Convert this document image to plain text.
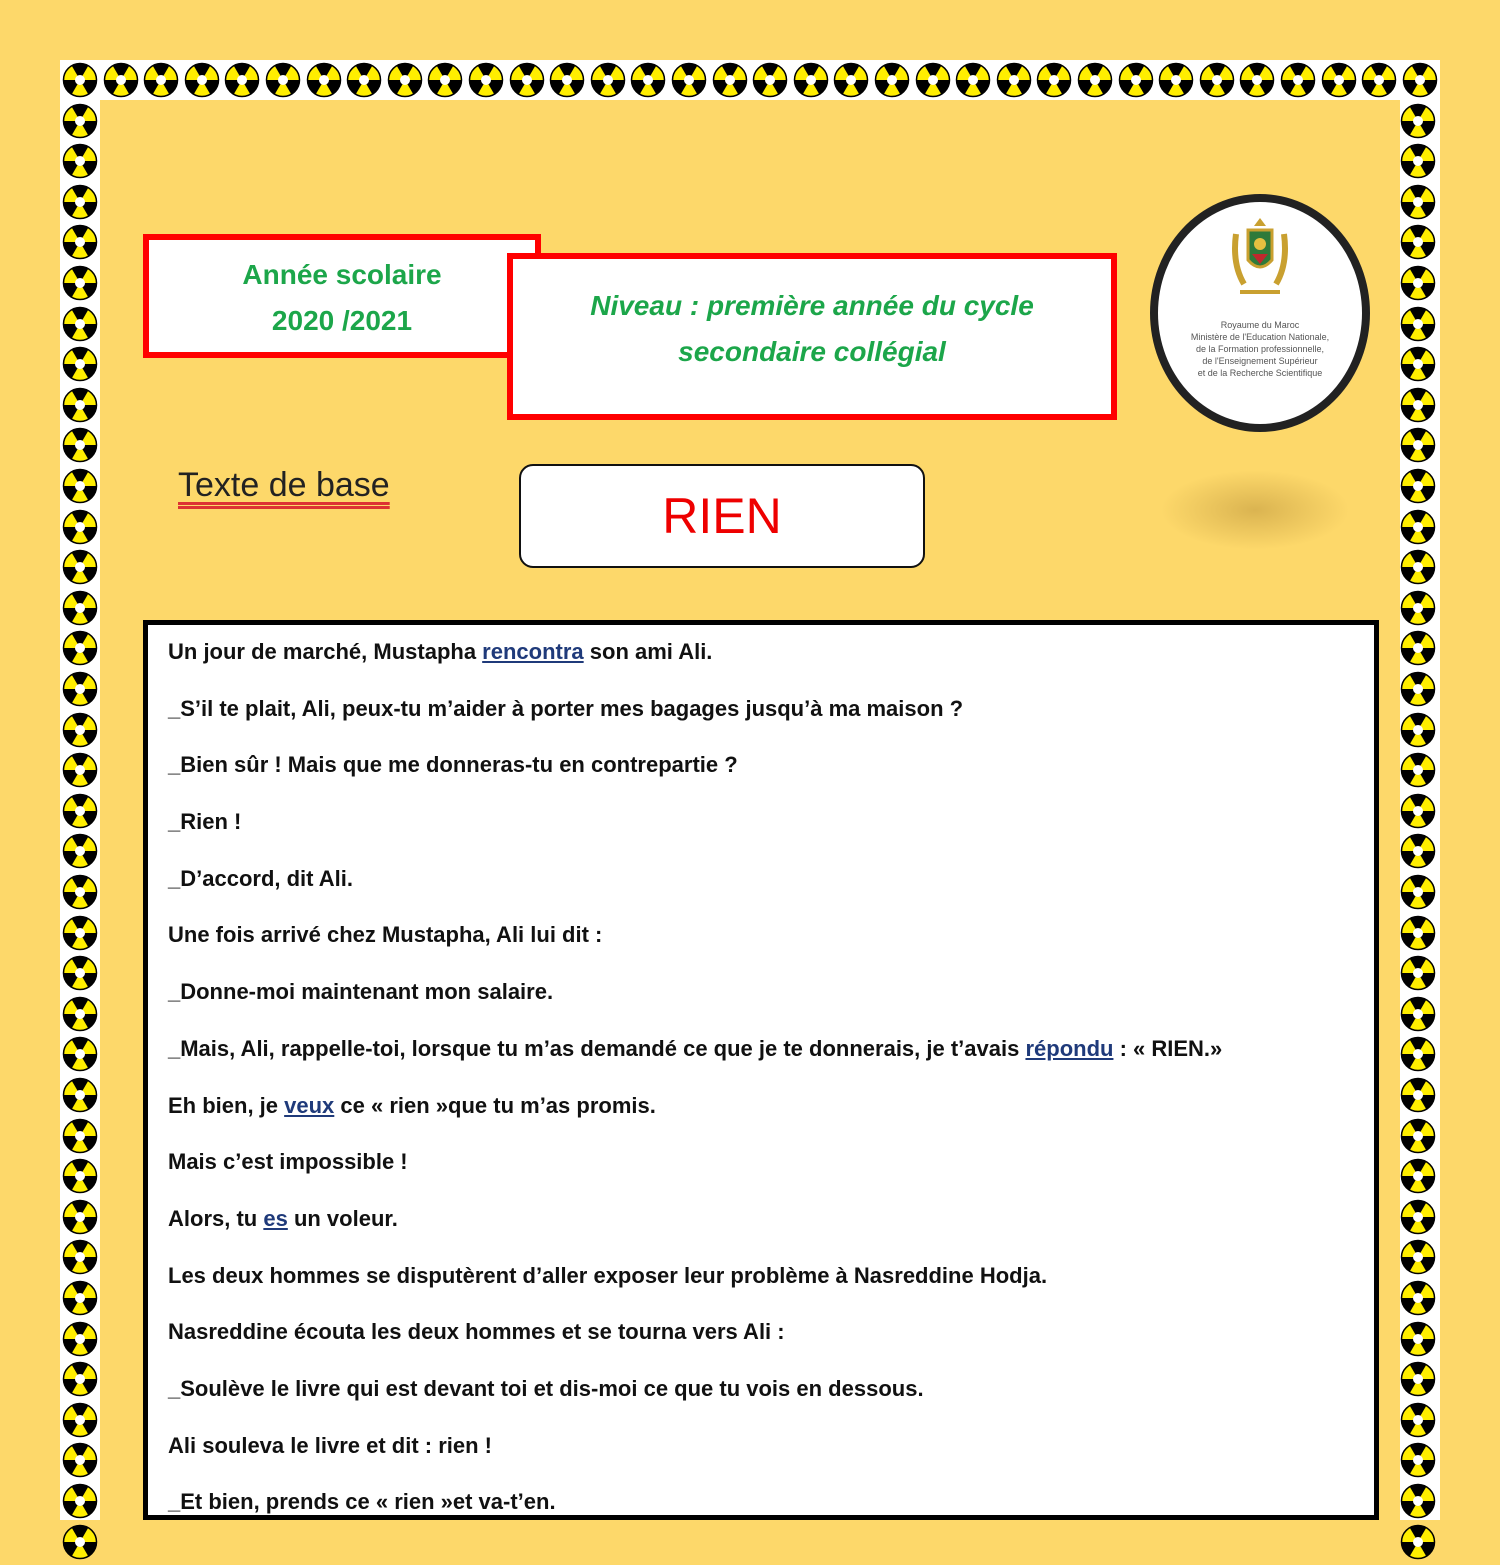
Année scolaire
2020 /2021	Niveau : première année du cycle
secondaire collégial
Royaume du Maroc
Ministère de l'Education Nationale,
de la Formation professionnelle,
de l'Enseignement Supérieur
et de la Recherche Scientifique
Texte de base
RIEN

Un jour de marché, Mustapha rencontra son ami Ali.

_S’il te plait, Ali, peux-tu m’aider à porter mes bagages jusqu’à ma maison ?

_Bien sûr ! Mais que me donneras-tu en contrepartie ?

_Rien !

_D’accord, dit Ali.

Une fois arrivé chez Mustapha, Ali lui dit :

_Donne-moi maintenant mon salaire.

_Mais, Ali, rappelle-toi, lorsque tu m’as demandé ce que je te donnerais, je t’avais répondu : « RIEN.»

Eh bien, je veux ce « rien »que tu m’as promis.

Mais c’est impossible !

Alors, tu es un voleur.

Les deux hommes se disputèrent d’aller exposer leur problème à Nasreddine Hodja.

Nasreddine écouta les deux hommes et se tourna vers Ali :

_Soulève le livre qui est devant toi et dis-moi ce que tu vois en dessous.

Ali souleva le livre et dit : rien !

_Et bien, prends ce « rien »et va-t’en.
